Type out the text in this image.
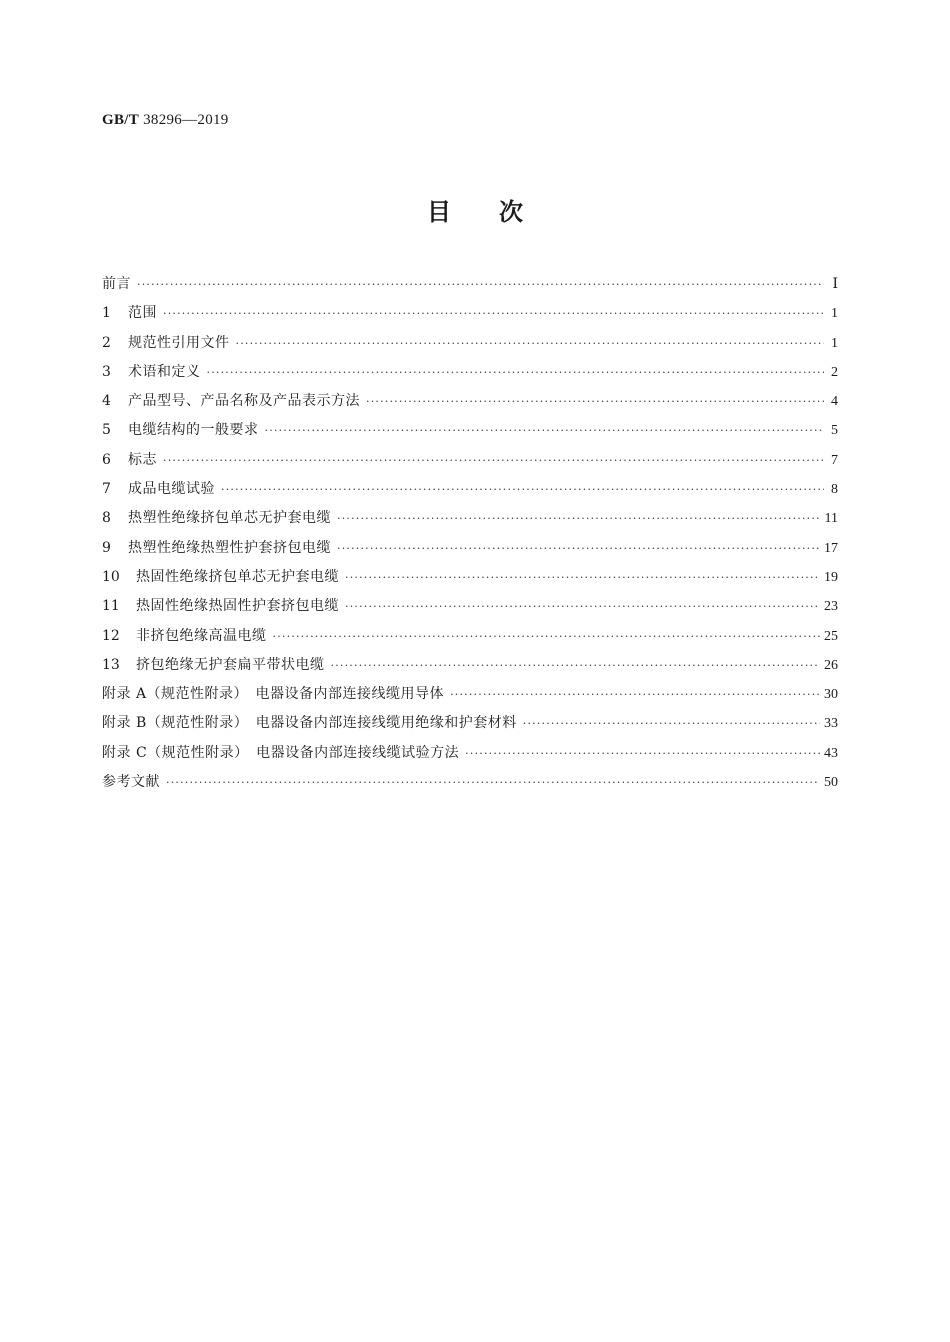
GB/T 38296—2019
目次
前言 ·····	Ⅰ
1	范围 ·····	1
2	规范性引用文件 ·····	1
3	术语和定义 ·····	2
4	产品型号、产品名称及产品表示方法 ·····	4
5	电缆结构的一般要求 ·····	5
6	标志 ·····	7
7	成品电缆试验 ·····	8
8	热塑性绝缘挤包单芯无护套电缆 ·····	11
9	热塑性绝缘热塑性护套挤包电缆 ·····	17
10	热固性绝缘挤包单芯无护套电缆 ·····	19
11	热固性绝缘热固性护套挤包电缆 ·····	23
12	非挤包绝缘高温电缆 ·····	25
13	挤包绝缘无护套扁平带状电缆 ·····	26
附录 A（规范性附录）　电器设备内部连接线缆用导体 ·····	30
附录 B（规范性附录）　电器设备内部连接线缆用绝缘和护套材料 ·····	33
附录 C（规范性附录）　电器设备内部连接线缆试验方法 ·····	43
参考文献 ·····	50
